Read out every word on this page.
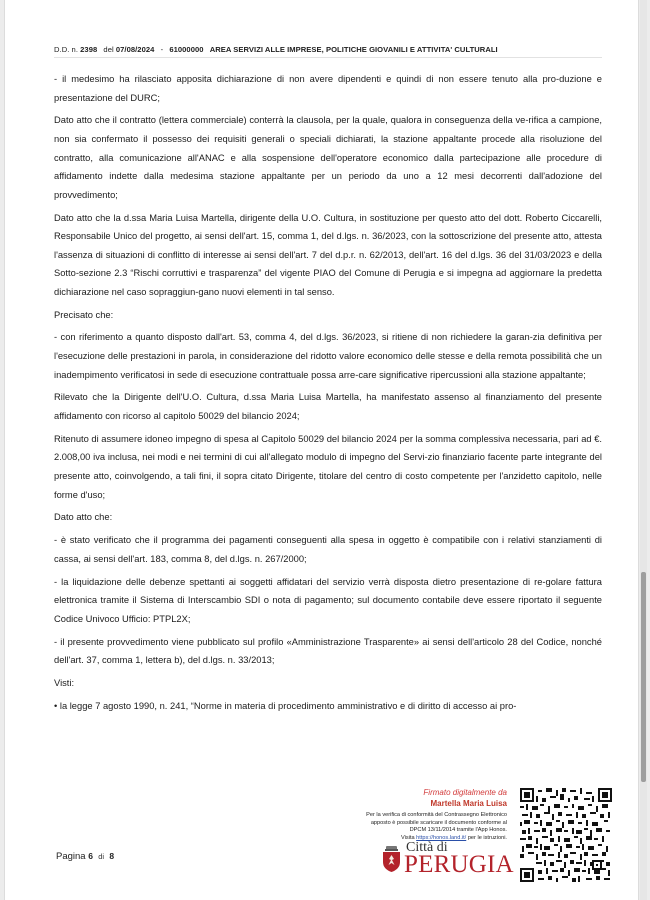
D.D. n. 2398 del 07/08/2024 - 61000000 AREA SERVIZI ALLE IMPRESE, POLITICHE GIOVANILI E ATTIVITA' CULTURALI

- il medesimo ha rilasciato apposita dichiarazione di non avere dipendenti e quindi di non essere tenuto alla pro-duzione e presentazione del DURC;

Dato atto che il contratto (lettera commerciale) conterrà la clausola, per la quale, qualora in conseguenza della ve-rifica a campione, non sia confermato il possesso dei requisiti generali o speciali dichiarati, la stazione appaltante procede alla risoluzione del contratto, alla comunicazione all'ANAC e alla sospensione dell'operatore economico dalla partecipazione alle procedure di affidamento indette dalla medesima stazione appaltante per un periodo da uno a 12 mesi decorrenti dall'adozione del provvedimento;

Dato atto che la d.ssa Maria Luisa Martella, dirigente della U.O. Cultura, in sostituzione per questo atto del dott. Roberto Ciccarelli, Responsabile Unico del progetto, ai sensi dell'art. 15, comma 1, del d.lgs. n. 36/2023, con la sottoscrizione del presente atto, attesta l'assenza di situazioni di conflitto di interesse ai sensi dell'art. 7 del d.p.r. n. 62/2013, dell'art. 16 del d.lgs. 36 del 31/03/2023 e della Sotto-sezione 2.3 “Rischi corruttivi e trasparenza” del vigente PIAO del Comune di Perugia e si impegna ad aggiornare la predetta dichiarazione nel caso sopraggiun-gano nuovi elementi in tal senso.

Precisato che:

- con riferimento a quanto disposto dall'art. 53, comma 4, del d.lgs. 36/2023, si ritiene di non richiedere la garan-zia definitiva per l'esecuzione delle prestazioni in parola, in considerazione del ridotto valore economico delle stesse e della remota possibilità che un inadempimento verificatosi in sede di esecuzione contrattuale possa arre-care significative ripercussioni alla stazione appaltante;

Rilevato che la Dirigente dell'U.O. Cultura, d.ssa Maria Luisa Martella, ha manifestato assenso al finanziamento del presente affidamento con ricorso al capitolo 50029 del bilancio 2024;

Ritenuto di assumere idoneo impegno di spesa al Capitolo 50029 del bilancio 2024 per la somma complessiva necessaria, pari ad €. 2.008,00 iva inclusa, nei modi e nei termini di cui all'allegato modulo di impegno del Servi-zio finanziario facente parte integrante del presente atto, coinvolgendo, a tali fini, il sopra citato Dirigente, titolare del centro di costo competente per l'anzidetto capitolo, nelle forme d'uso;

Dato atto che:

- è stato verificato che il programma dei pagamenti conseguenti alla spesa in oggetto è compatibile con i relativi stanziamenti di cassa, ai sensi dell'art. 183, comma 8, del d.lgs. n. 267/2000;

- la liquidazione delle debenze spettanti ai soggetti affidatari del servizio verrà disposta dietro presentazione di re-golare fattura elettronica tramite il Sistema di Interscambio SDI o nota di pagamento; sul documento contabile deve essere riportato il seguente Codice Univoco Ufficio: PTPL2X;

- il presente provvedimento viene pubblicato sul profilo «Amministrazione Trasparente» ai sensi dell'articolo 28 del Codice, nonché dell'art. 37, comma 1, lettera b), del d.lgs. n. 33/2013;

Visti:

• la legge 7 agosto 1990, n. 241, “Norme in materia di procedimento amministrativo e di diritto di accesso ai pro-

Firmato digitalmente da
Martella Maria Luisa
Per la verifica di conformità del Contrassegno Elettronico
apposto è possibile scaricare il documento conforme al
DPCM 13/11/2014 tramite l'App Honos.
Visita https://honos.land.it/ per le istruzioni.
Città di
PERUGIA
Pagina 6 di 8
